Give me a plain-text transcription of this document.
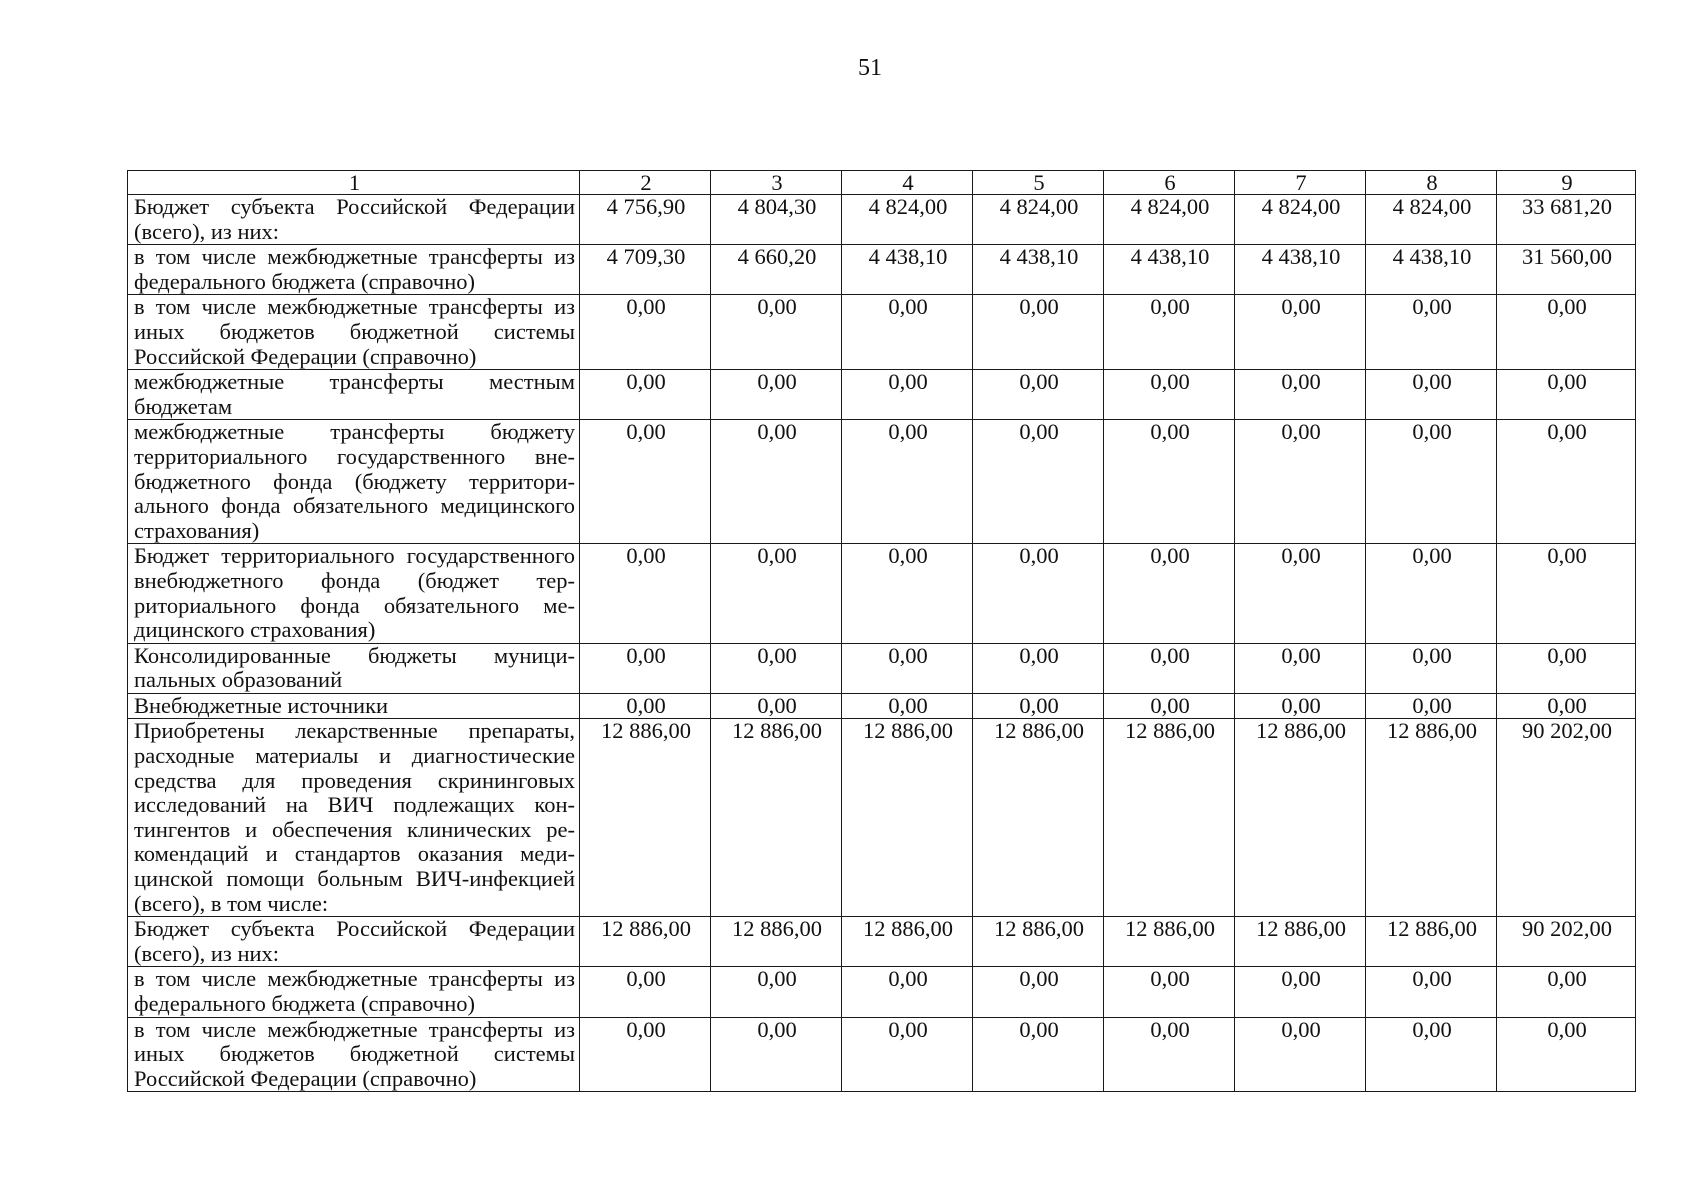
51
1	2	3	4	5	6	7	8	9
Бюджет субъекта Российской Федерации (всего), из них:	4 756,90	4 804,30	4 824,00	4 824,00	4 824,00	4 824,00	4 824,00	33 681,20
в том числе межбюджетные трансферты из федерального бюджета (справочно)	4 709,30	4 660,20	4 438,10	4 438,10	4 438,10	4 438,10	4 438,10	31 560,00
в том числе межбюджетные трансферты из иных бюджетов бюджетной системы Российской Федерации (справочно)	0,00	0,00	0,00	0,00	0,00	0,00	0,00	0,00
межбюджетные трансферты местным бюджетам	0,00	0,00	0,00	0,00	0,00	0,00	0,00	0,00
межбюджетные трансферты бюджету территориального государственного внебюджетного фонда (бюджету территориального фонда обязательного медицинского страхования)	0,00	0,00	0,00	0,00	0,00	0,00	0,00	0,00
Бюджет территориального государственного внебюджетного фонда (бюджет территориального фонда обязательного медицинского страхования)	0,00	0,00	0,00	0,00	0,00	0,00	0,00	0,00
Консолидированные бюджеты муниципальных образований	0,00	0,00	0,00	0,00	0,00	0,00	0,00	0,00
Внебюджетные источники	0,00	0,00	0,00	0,00	0,00	0,00	0,00	0,00
Приобретены лекарственные препараты, расходные материалы и диагностические средства для проведения скрининговых исследований на ВИЧ подлежащих контингентов и обеспечения клинических рекомендаций и стандартов оказания медицинской помощи больным ВИЧ-инфекцией (всего), в том числе:	12 886,00	12 886,00	12 886,00	12 886,00	12 886,00	12 886,00	12 886,00	90 202,00
Бюджет субъекта Российской Федерации (всего), из них:	12 886,00	12 886,00	12 886,00	12 886,00	12 886,00	12 886,00	12 886,00	90 202,00
в том числе межбюджетные трансферты из федерального бюджета (справочно)	0,00	0,00	0,00	0,00	0,00	0,00	0,00	0,00
в том числе межбюджетные трансферты из иных бюджетов бюджетной системы Российской Федерации (справочно)	0,00	0,00	0,00	0,00	0,00	0,00	0,00	0,00
